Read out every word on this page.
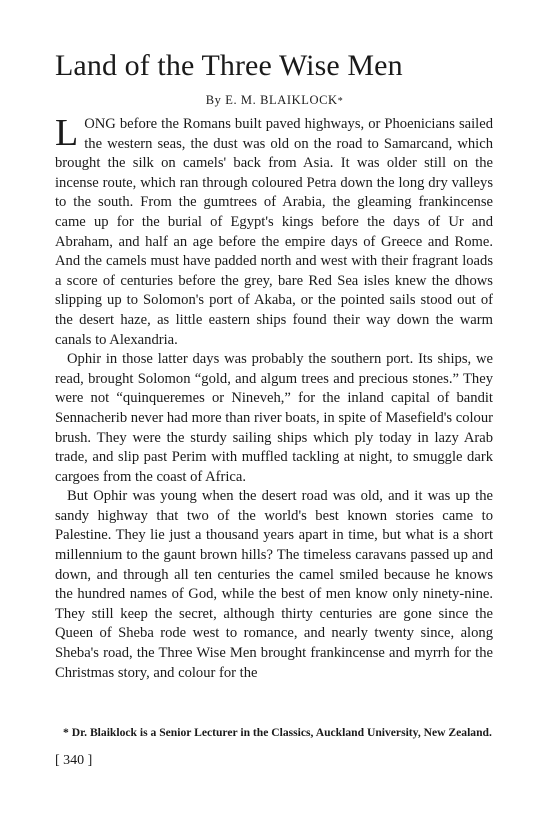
Land of the Three Wise Men
By E. M. BLAIKLOCK*

LONG before the Romans built paved highways, or Phoenicians sailed the western seas, the dust was old on the road to Samarcand, which brought the silk on camels' back from Asia. It was older still on the incense route, which ran through coloured Petra down the long dry valleys to the south. From the gumtrees of Arabia, the gleaming frankincense came up for the burial of Egypt's kings before the days of Ur and Abraham, and half an age before the empire days of Greece and Rome. And the camels must have padded north and west with their fragrant loads a score of centuries before the grey, bare Red Sea isles knew the dhows slipping up to Solomon's port of Akaba, or the pointed sails stood out of the desert haze, as little eastern ships found their way down the warm canals to Alexandria.

Ophir in those latter days was probably the southern port. Its ships, we read, brought Solomon “gold, and algum trees and precious stones.” They were not “quinqueremes or Nineveh,” for the inland capital of bandit Sennacherib never had more than river boats, in spite of Masefield's colour brush. They were the sturdy sailing ships which ply today in lazy Arab trade, and slip past Perim with muffled tackling at night, to smuggle dark cargoes from the coast of Africa.

But Ophir was young when the desert road was old, and it was up the sandy highway that two of the world's best known stories came to Palestine. They lie just a thousand years apart in time, but what is a short millennium to the gaunt brown hills? The timeless caravans passed up and down, and through all ten centuries the camel smiled because he knows the hundred names of God, while the best of men know only ninety-nine. They still keep the secret, although thirty centuries are gone since the Queen of Sheba rode west to romance, and nearly twenty since, along Sheba's road, the Three Wise Men brought frankincense and myrrh for the Christmas story, and colour for the

* Dr. Blaiklock is a Senior Lecturer in the Classics, Auckland University, New Zealand.

[ 340 ]
